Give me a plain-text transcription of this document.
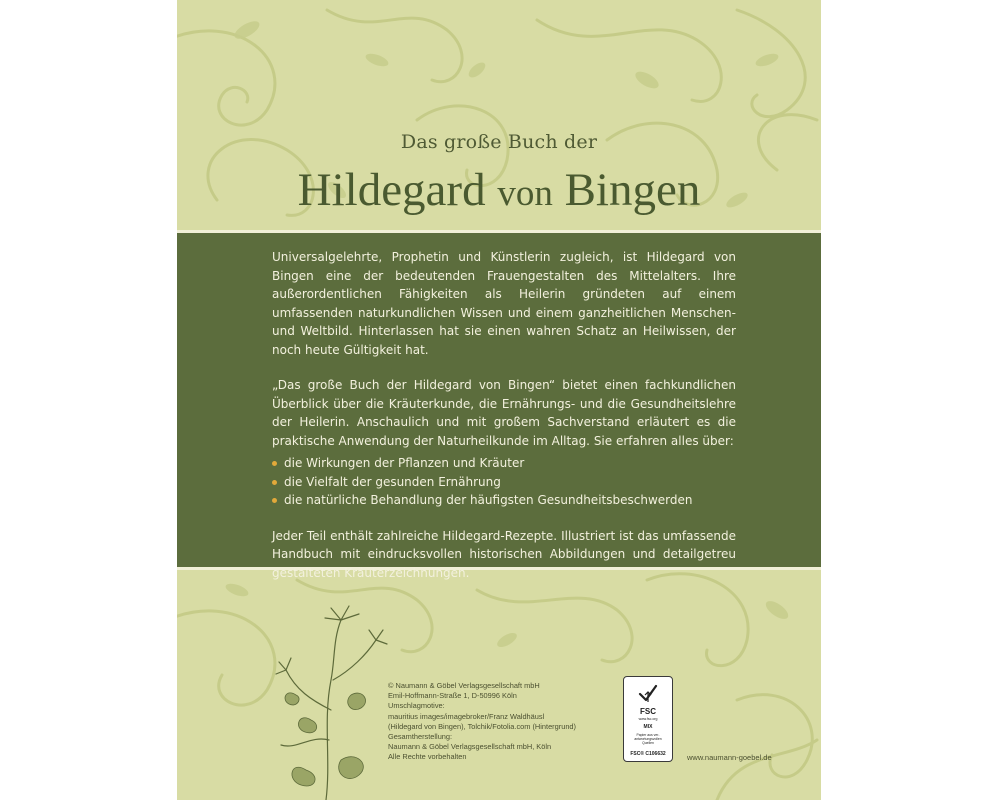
Das große Buch der
Hildegard von Bingen

Universalgelehrte, Prophetin und Künstlerin zugleich, ist Hildegard von Bingen eine der bedeutenden Frauengestalten des Mittelalters. Ihre außerordentlichen Fähigkeiten als Heilerin gründeten auf einem umfassenden naturkundlichen Wissen und einem ganzheitlichen Menschen- und Weltbild. Hinterlassen hat sie einen wahren Schatz an Heilwissen, der noch heute Gültigkeit hat.

„Das große Buch der Hildegard von Bingen“ bietet einen fachkundlichen Überblick über die Kräuterkunde, die Ernährungs- und die Gesundheitslehre der Heilerin. Anschaulich und mit großem Sachverstand erläutert es die praktische Anwendung der Naturheilkunde im Alltag. Sie erfahren alles über:

die Wirkungen der Pflanzen und Kräuter
die Vielfalt der gesunden Ernährung
die natürliche Behandlung der häufigsten Gesundheitsbeschwerden

Jeder Teil enthält zahlreiche Hildegard-Rezepte. Illustriert ist das umfassende Handbuch mit eindrucksvollen historischen Abbildungen und detailgetreu gestalteten Kräuterzeichnungen.

© Naumann & Göbel Verlagsgesellschaft mbH
Emil-Hoffmann-Straße 1, D-50996 Köln
Umschlagmotive:
mauritius images/imagebroker/Franz Waldhäusl
(Hildegard von Bingen), Tolchik/Fotolia.com (Hintergrund)
Gesamtherstellung:
Naumann & Göbel Verlagsgesellschaft mbH, Köln
Alle Rechte vorbehalten
FSC
www.fsc.org
MIX
Papier aus ver-
antwortungsvollen
Quellen
FSC® C106632	www.naumann-goebel.de
